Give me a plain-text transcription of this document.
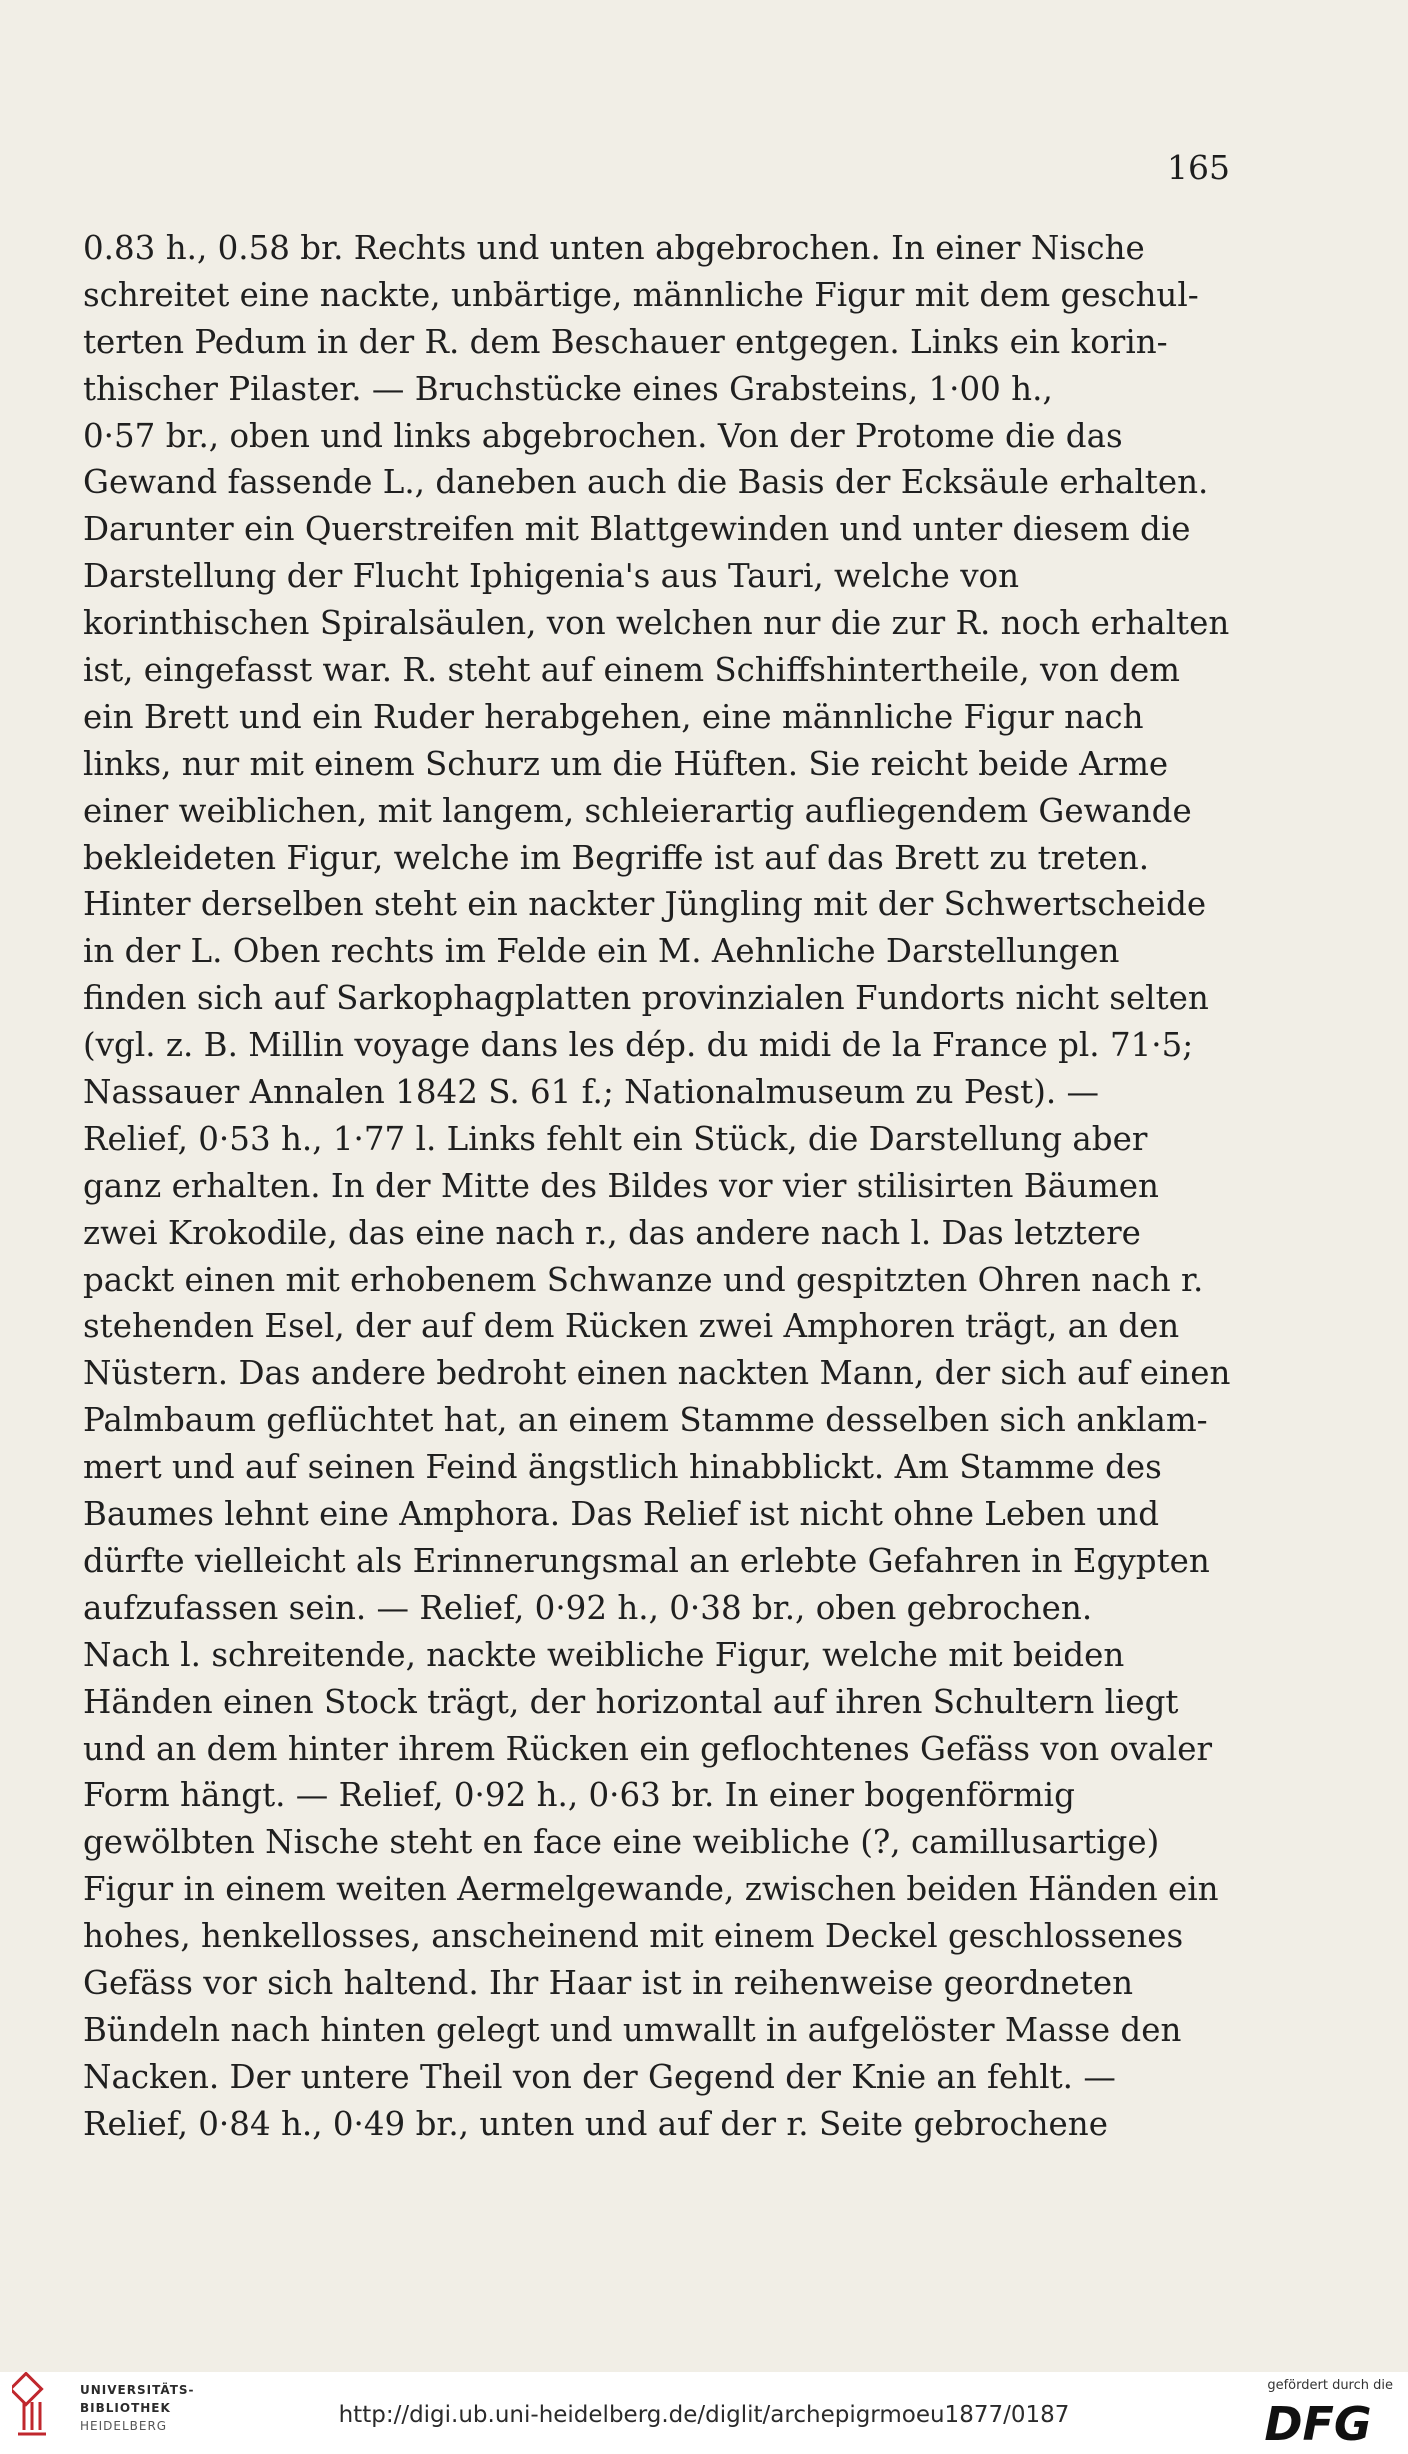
165
0.83 h., 0.58 br. Rechts und unten abgebrochen. In einer Nische
schreitet eine nackte, unbärtige, männliche Figur mit dem geschul-
terten Pedum in der R. dem Beschauer entgegen. Links ein korin-
thischer Pilaster. — Bruchstücke eines Grabsteins, 1·00 h.,
0·57 br., oben und links abgebrochen. Von der Protome die das
Gewand fassende L., daneben auch die Basis der Ecksäule erhalten.
Darunter ein Querstreifen mit Blattgewinden und unter diesem die
Darstellung der Flucht Iphigenia's aus Tauri, welche von
korinthischen Spiralsäulen, von welchen nur die zur R. noch erhalten
ist, eingefasst war. R. steht auf einem Schiffshintertheile, von dem
ein Brett und ein Ruder herabgehen, eine männliche Figur nach
links, nur mit einem Schurz um die Hüften. Sie reicht beide Arme
einer weiblichen, mit langem, schleierartig aufliegendem Gewande
bekleideten Figur, welche im Begriffe ist auf das Brett zu treten.
Hinter derselben steht ein nackter Jüngling mit der Schwertscheide
in der L. Oben rechts im Felde ein M. Aehnliche Darstellungen
finden sich auf Sarkophagplatten provinzialen Fundorts nicht selten
(vgl. z. B. Millin voyage dans les dép. du midi de la France pl. 71·5;
Nassauer Annalen 1842 S. 61 f.; Nationalmuseum zu Pest). —
Relief, 0·53 h., 1·77 l. Links fehlt ein Stück, die Darstellung aber
ganz erhalten. In der Mitte des Bildes vor vier stilisirten Bäumen
zwei Krokodile, das eine nach r., das andere nach l. Das letztere
packt einen mit erhobenem Schwanze und gespitzten Ohren nach r.
stehenden Esel, der auf dem Rücken zwei Amphoren trägt, an den
Nüstern. Das andere bedroht einen nackten Mann, der sich auf einen
Palmbaum geflüchtet hat, an einem Stamme desselben sich anklam-
mert und auf seinen Feind ängstlich hinabblickt. Am Stamme des
Baumes lehnt eine Amphora. Das Relief ist nicht ohne Leben und
dürfte vielleicht als Erinnerungsmal an erlebte Gefahren in Egypten
aufzufassen sein. — Relief, 0·92 h., 0·38 br., oben gebrochen.
Nach l. schreitende, nackte weibliche Figur, welche mit beiden
Händen einen Stock trägt, der horizontal auf ihren Schultern liegt
und an dem hinter ihrem Rücken ein geflochtenes Gefäss von ovaler
Form hängt. — Relief, 0·92 h., 0·63 br. In einer bogenförmig
gewölbten Nische steht en face eine weibliche (?, camillusartige)
Figur in einem weiten Aermelgewande, zwischen beiden Händen ein
hohes, henkellosses, anscheinend mit einem Deckel geschlossenes
Gefäss vor sich haltend. Ihr Haar ist in reihenweise geordneten
Bündeln nach hinten gelegt und umwallt in aufgelöster Masse den
Nacken. Der untere Theil von der Gegend der Knie an fehlt. —
Relief, 0·84 h., 0·49 br., unten und auf der r. Seite gebrochene
UNIVERSITÄTS-
BIBLIOTHEK
HEIDELBERG	http://digi.ub.uni-heidelberg.de/diglit/archepigrmoeu1877/0187
gefördert durch die
DFG
